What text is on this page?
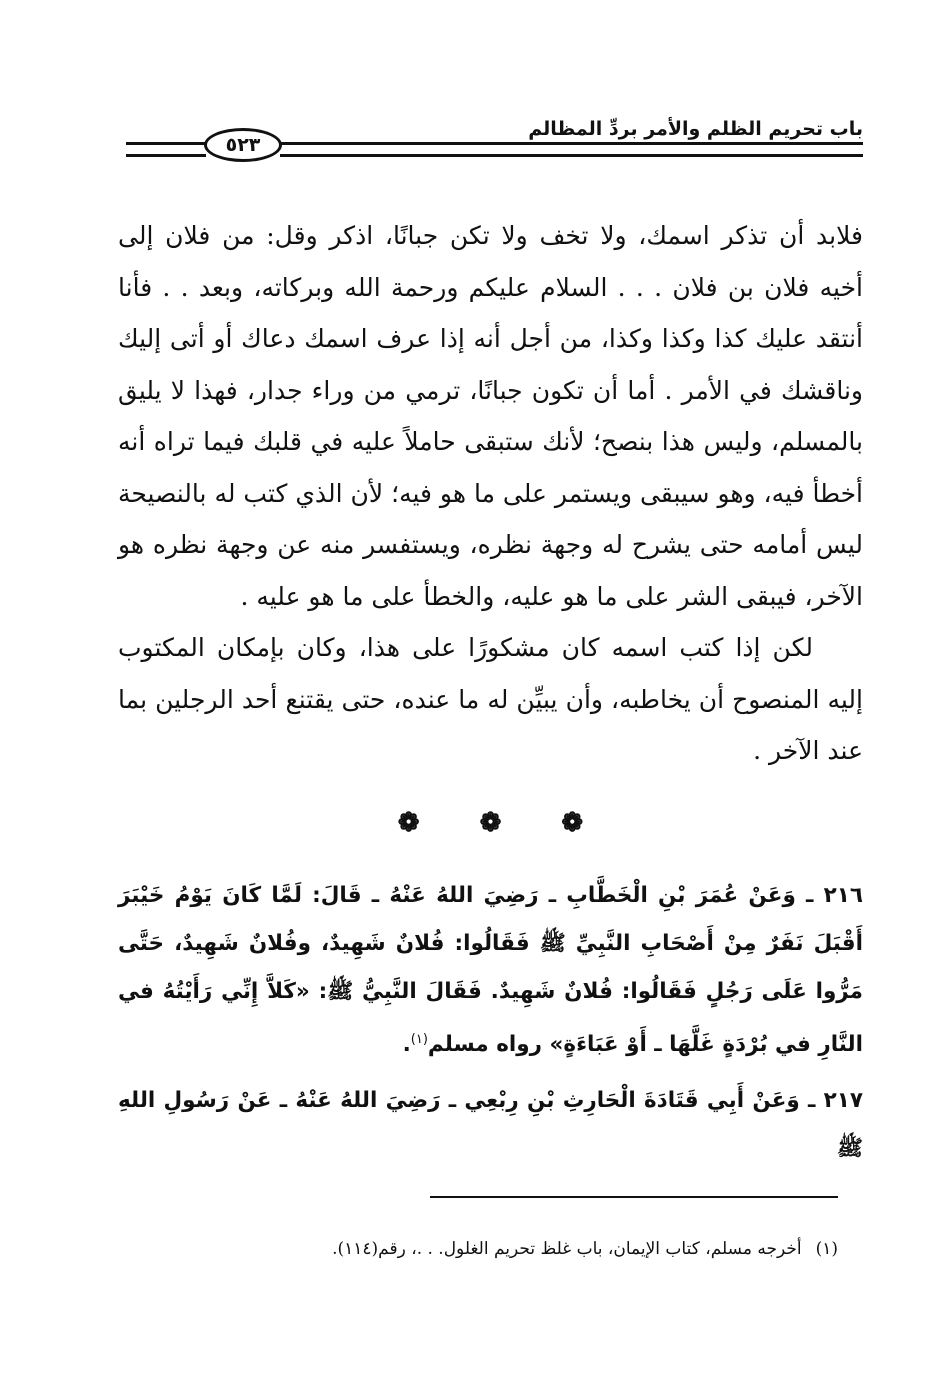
٥٢٣
باب تحريم الظلم والأمر بردِّ المظالم

فلابد أن تذكر اسمك، ولا تخف ولا تكن جبانًا، اذكر وقل: من فلان إلى أخيه فلان بن فلان . . . السلام عليكم ورحمة الله وبركاته، وبعد . . فأنا أنتقد عليك كذا وكذا وكذا، من أجل أنه إذا عرف اسمك دعاك أو أتى إليك وناقشك في الأمر . أما أن تكون جبانًا، ترمي من وراء جدار، فهذا لا يليق بالمسلم، وليس هذا بنصح؛ لأنك ستبقى حاملاً عليه في قلبك فيما تراه أنه أخطأ فيه، وهو سيبقى ويستمر على ما هو فيه؛ لأن الذي كتب له بالنصيحة ليس أمامه حتى يشرح له وجهة نظره، ويستفسر منه عن وجهة نظره هو الآخر، فيبقى الشر على ما هو عليه، والخطأ على ما هو عليه .

لكن إذا كتب اسمه كان مشكورًا على هذا، وكان بإمكان المكتوب إليه المنصوح أن يخاطبه، وأن يبيِّن له ما عنده، حتى يقتنع أحد الرجلين بما عند الآخر .

❁ ❁ ❁

٢١٦ ـ وَعَنْ عُمَرَ بْنِ الْخَطَّابِ ـ رَضِيَ اللهُ عَنْهُ ـ قَالَ: لَمَّا كَانَ يَوْمُ خَيْبَرَ أَقْبَلَ نَفَرٌ مِنْ أَصْحَابِ النَّبِيِّ ﷺ فَقَالُوا: فُلانٌ شَهِيدٌ، وفُلانٌ شَهِيدٌ، حَتَّى مَرُّوا عَلَى رَجُلٍ فَقَالُوا: فُلانٌ شَهِيدٌ. فَقَالَ النَّبِيُّ ﷺ: «كَلاَّ إِنِّي رَأَيْتُهُ في النَّارِ في بُرْدَةٍ غَلَّهَا ـ أَوْ عَبَاءَةٍ» رواه مسلم$^{(١)}$.

٢١٧ ـ وَعَنْ أَبِي قَتَادَةَ الْحَارِثِ بْنِ رِبْعِي ـ رَضِيَ اللهُ عَنْهُ ـ عَنْ رَسُولِ اللهِ ﷺ

(١)أخرجه مسلم، كتاب الإيمان، باب غلظ تحريم الغلول. . .، رقم(١١٤).
